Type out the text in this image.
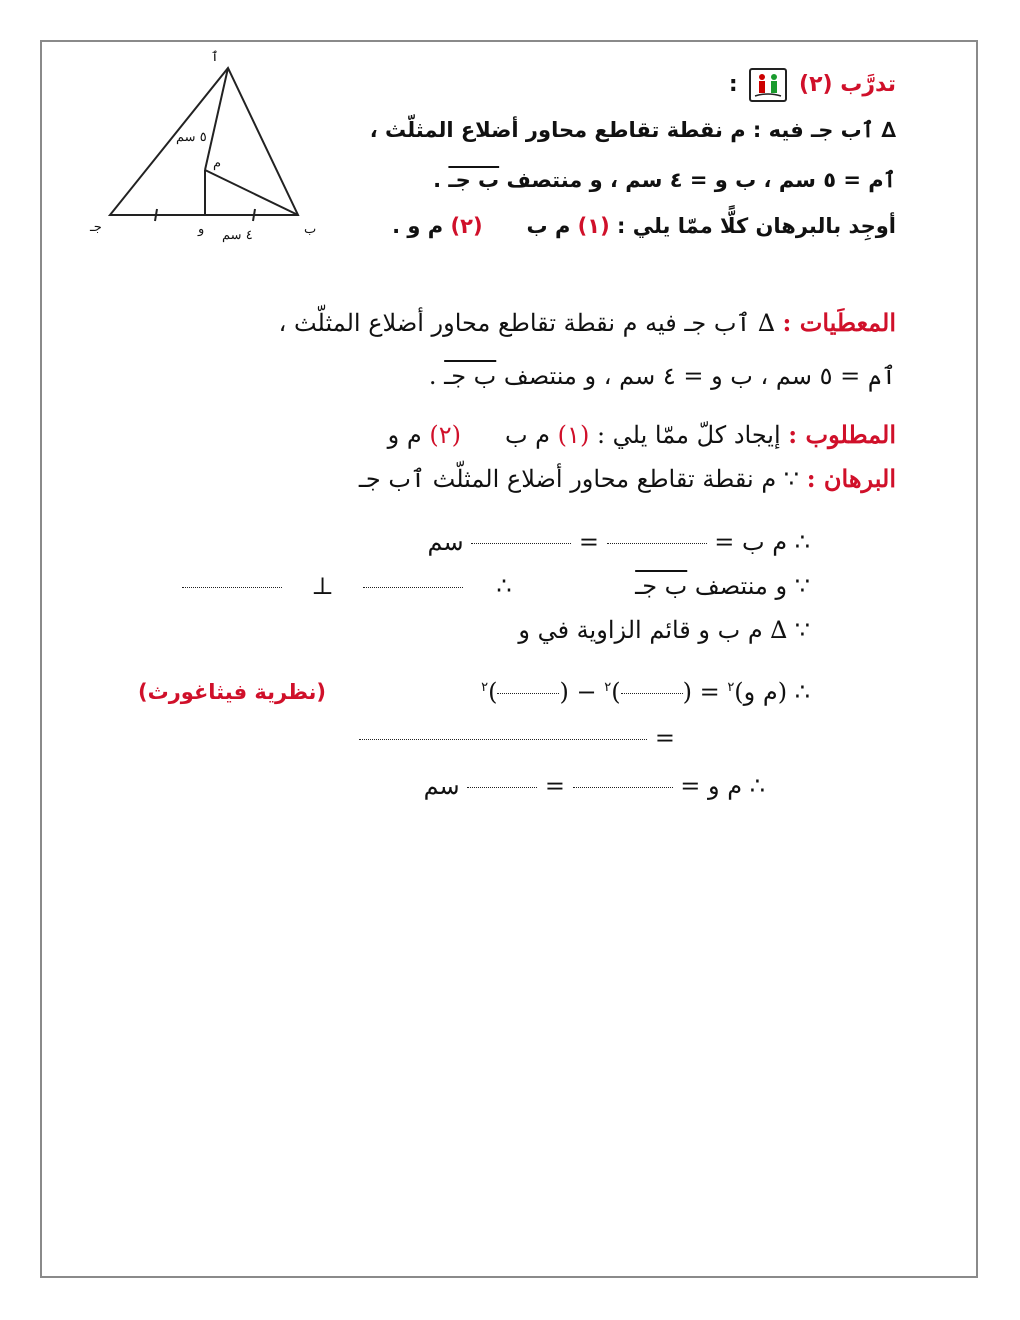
ٱ
ب
جـ
م
و
٥ سم
٤ سم
تدرَّب (٢)  :
∆ ٱب جـ فيه : م نقطة تقاطع محاور أضلاع المثلّث ،
ٱم = ٥ سم ، ب و = ٤ سم ، و منتصف ب جـ .
أوجِد بالبرهان كلًّا ممّا يلي : (١) م ب(٢) م و .
المعطَيات : ∆ ٱب جـ فيه م نقطة تقاطع محاور أضلاع المثلّث ،
ٱم = ٥ سم ، ب و = ٤ سم ، و منتصف ب جـ .
المطلوب : إيجاد كلّ ممّا يلي : (١) م ب(٢) م و
البرهان : ∵ م نقطة تقاطع محاور أضلاع المثلّث ٱب جـ
∴ م ب =  =  سم
∵ و منتصف ب جـ
⊥	∴
∵ ∆ م ب و قائم الزاوية في و
∴ (م و)$^٢$ = ()$^٢$ − ()$^٢$
(نظرية فيثاغورث)
=
∴ م و =  =  سم
